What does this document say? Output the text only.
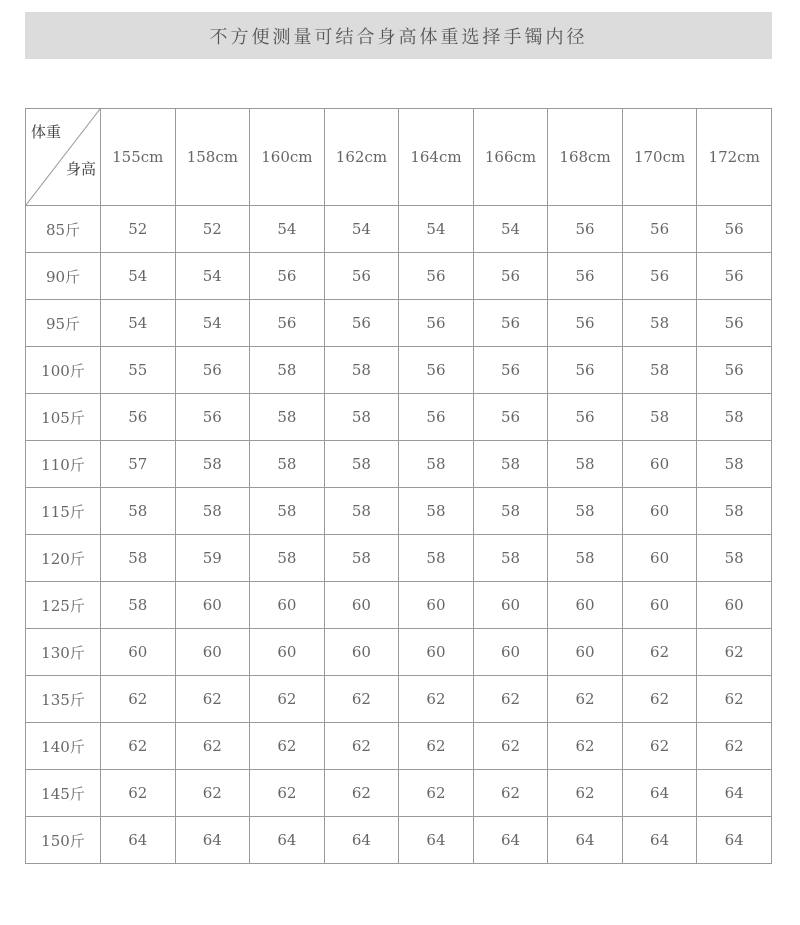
不方便测量可结合身高体重选择手镯内径
体重
身高	155cm	158cm	160cm	162cm	164cm	166cm	168cm	170cm	172cm
85斤	52	52	54	54	54	54	56	56	56
90斤	54	54	56	56	56	56	56	56	56
95斤	54	54	56	56	56	56	56	58	56
100斤	55	56	58	58	56	56	56	58	56
105斤	56	56	58	58	56	56	56	58	58
110斤	57	58	58	58	58	58	58	60	58
115斤	58	58	58	58	58	58	58	60	58
120斤	58	59	58	58	58	58	58	60	58
125斤	58	60	60	60	60	60	60	60	60
130斤	60	60	60	60	60	60	60	62	62
135斤	62	62	62	62	62	62	62	62	62
140斤	62	62	62	62	62	62	62	62	62
145斤	62	62	62	62	62	62	62	64	64
150斤	64	64	64	64	64	64	64	64	64
